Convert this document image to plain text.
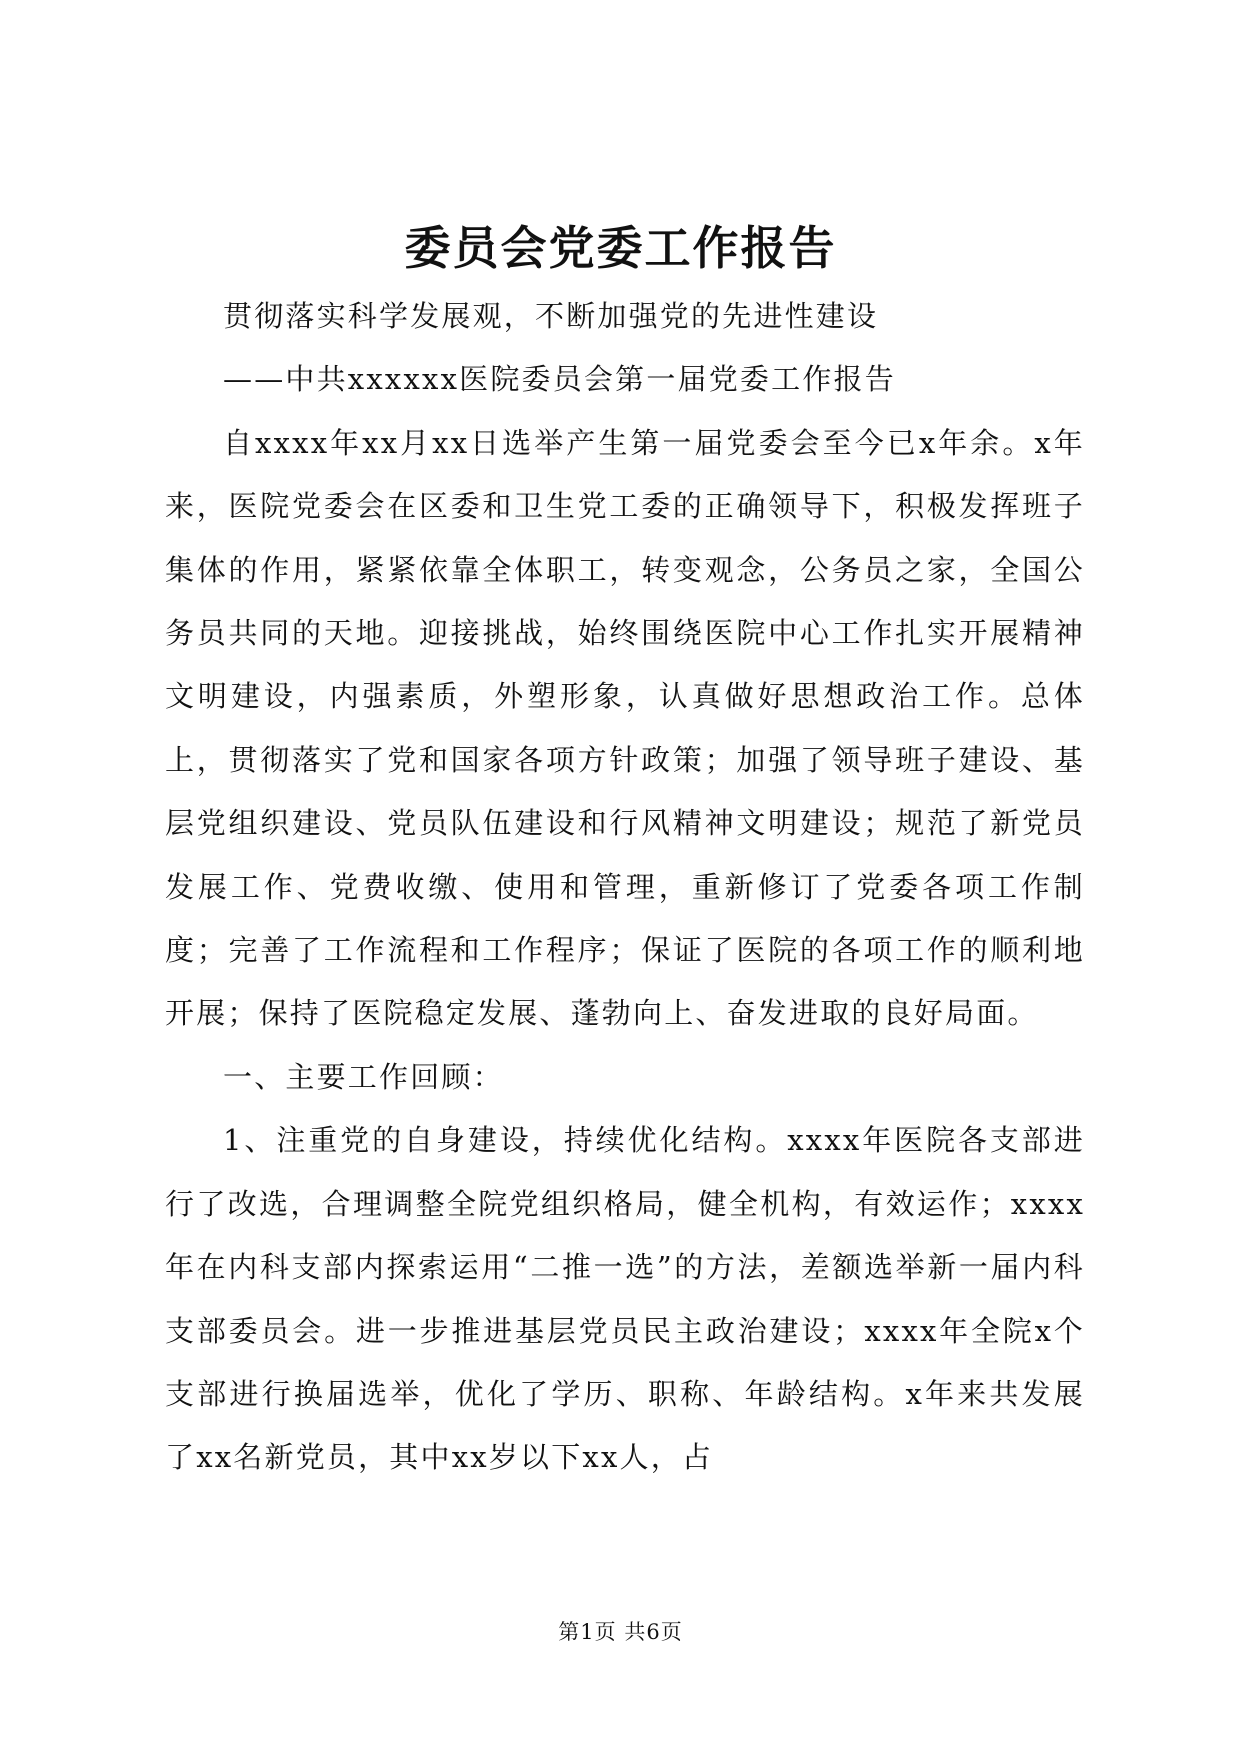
委员会党委工作报告

贯彻落实科学发展观，不断加强党的先进性建设

——中共xxxxxx医院委员会第一届党委工作报告

自xxxx年xx月xx日选举产生第一届党委会至今已x年余。x年来，医院党委会在区委和卫生党工委的正确领导下，积极发挥班子集体的作用，紧紧依靠全体职工，转变观念，公务员之家，全国公务员共同的天地。迎接挑战，始终围绕医院中心工作扎实开展精神文明建设，内强素质，外塑形象，认真做好思想政治工作。总体上，贯彻落实了党和国家各项方针政策；加强了领导班子建设、基层党组织建设、党员队伍建设和行风精神文明建设；规范了新党员发展工作、党费收缴、使用和管理，重新修订了党委各项工作制度；完善了工作流程和工作程序；保证了医院的各项工作的顺利地开展；保持了医院稳定发展、蓬勃向上、奋发进取的良好局面。

一、主要工作回顾：

1、注重党的自身建设，持续优化结构。xxxx年医院各支部进行了改选，合理调整全院党组织格局，健全机构，有效运作；xxxx年在内科支部内探索运用“二推一选”的方法，差额选举新一届内科支部委员会。进一步推进基层党员民主政治建设；xxxx年全院x个支部进行换届选举，优化了学历、职称、年龄结构。x年来共发展了xx名新党员，其中xx岁以下xx人，占

第1页 共6页
